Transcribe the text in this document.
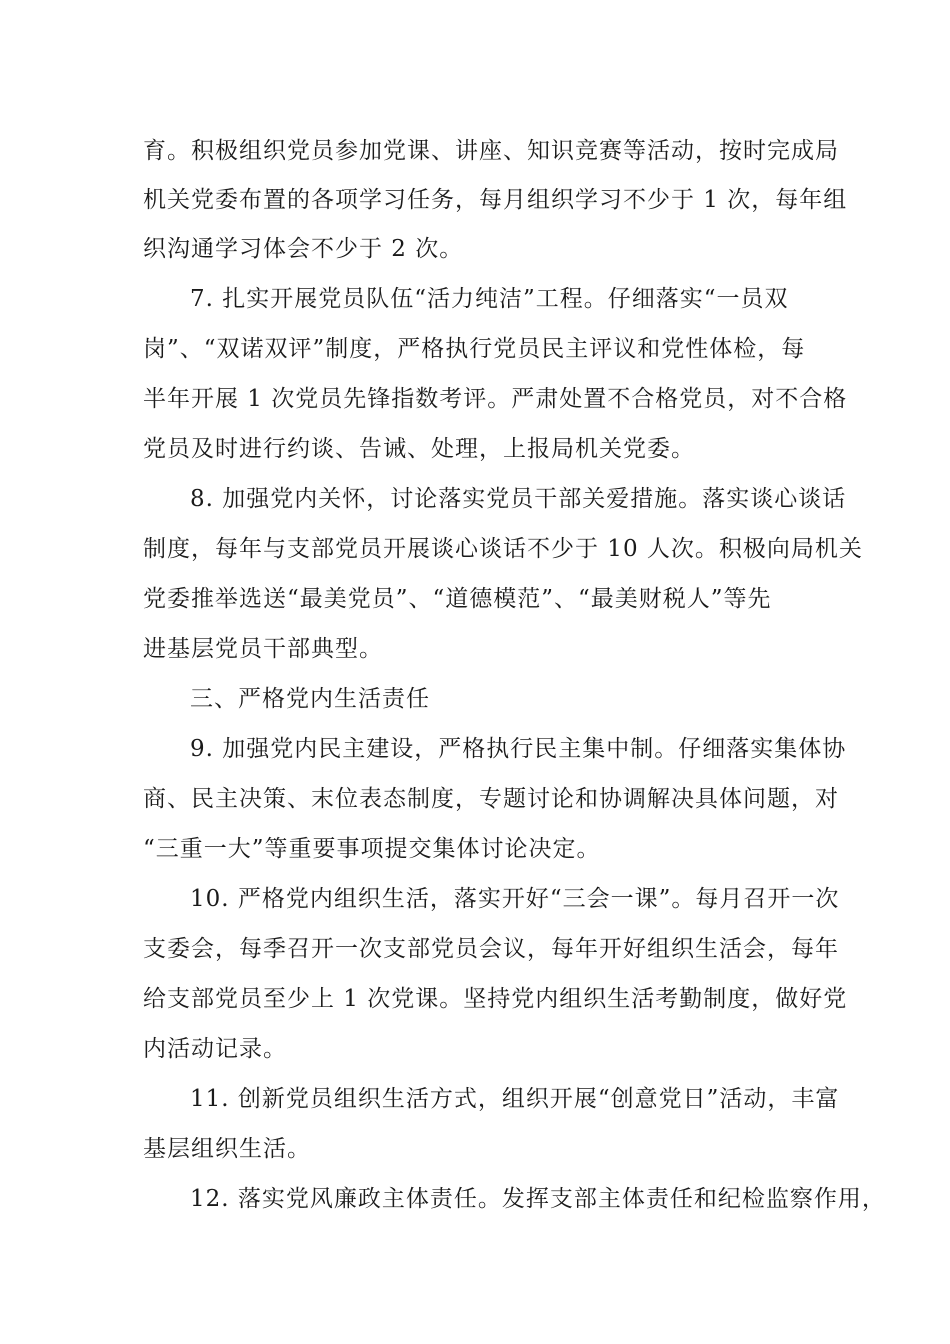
育。积极组织党员参加党课、讲座、知识竞赛等活动，按时完成局
机关党委布置的各项学习任务，每月组织学习不少于 1 次，每年组
织沟通学习体会不少于 2 次。
7. 扎实开展党员队伍“活力纯洁”工程。仔细落实“一员双
岗”、“双诺双评”制度，严格执行党员民主评议和党性体检，每
半年开展 1 次党员先锋指数考评。严肃处置不合格党员，对不合格
党员及时进行约谈、告诫、处理，上报局机关党委。
8. 加强党内关怀，讨论落实党员干部关爱措施。落实谈心谈话
制度，每年与支部党员开展谈心谈话不少于 10 人次。积极向局机关
党委推举选送“最美党员”、“道德模范”、“最美财税人”等先
进基层党员干部典型。
三、严格党内生活责任
9. 加强党内民主建设，严格执行民主集中制。仔细落实集体协
商、民主决策、末位表态制度，专题讨论和协调解决具体问题，对
“三重一大”等重要事项提交集体讨论决定。
10. 严格党内组织生活，落实开好“三会一课”。每月召开一次
支委会，每季召开一次支部党员会议，每年开好组织生活会，每年
给支部党员至少上 1 次党课。坚持党内组织生活考勤制度，做好党
内活动记录。
11. 创新党员组织生活方式，组织开展“创意党日”活动，丰富
基层组织生活。
12. 落实党风廉政主体责任。发挥支部主体责任和纪检监察作用，
